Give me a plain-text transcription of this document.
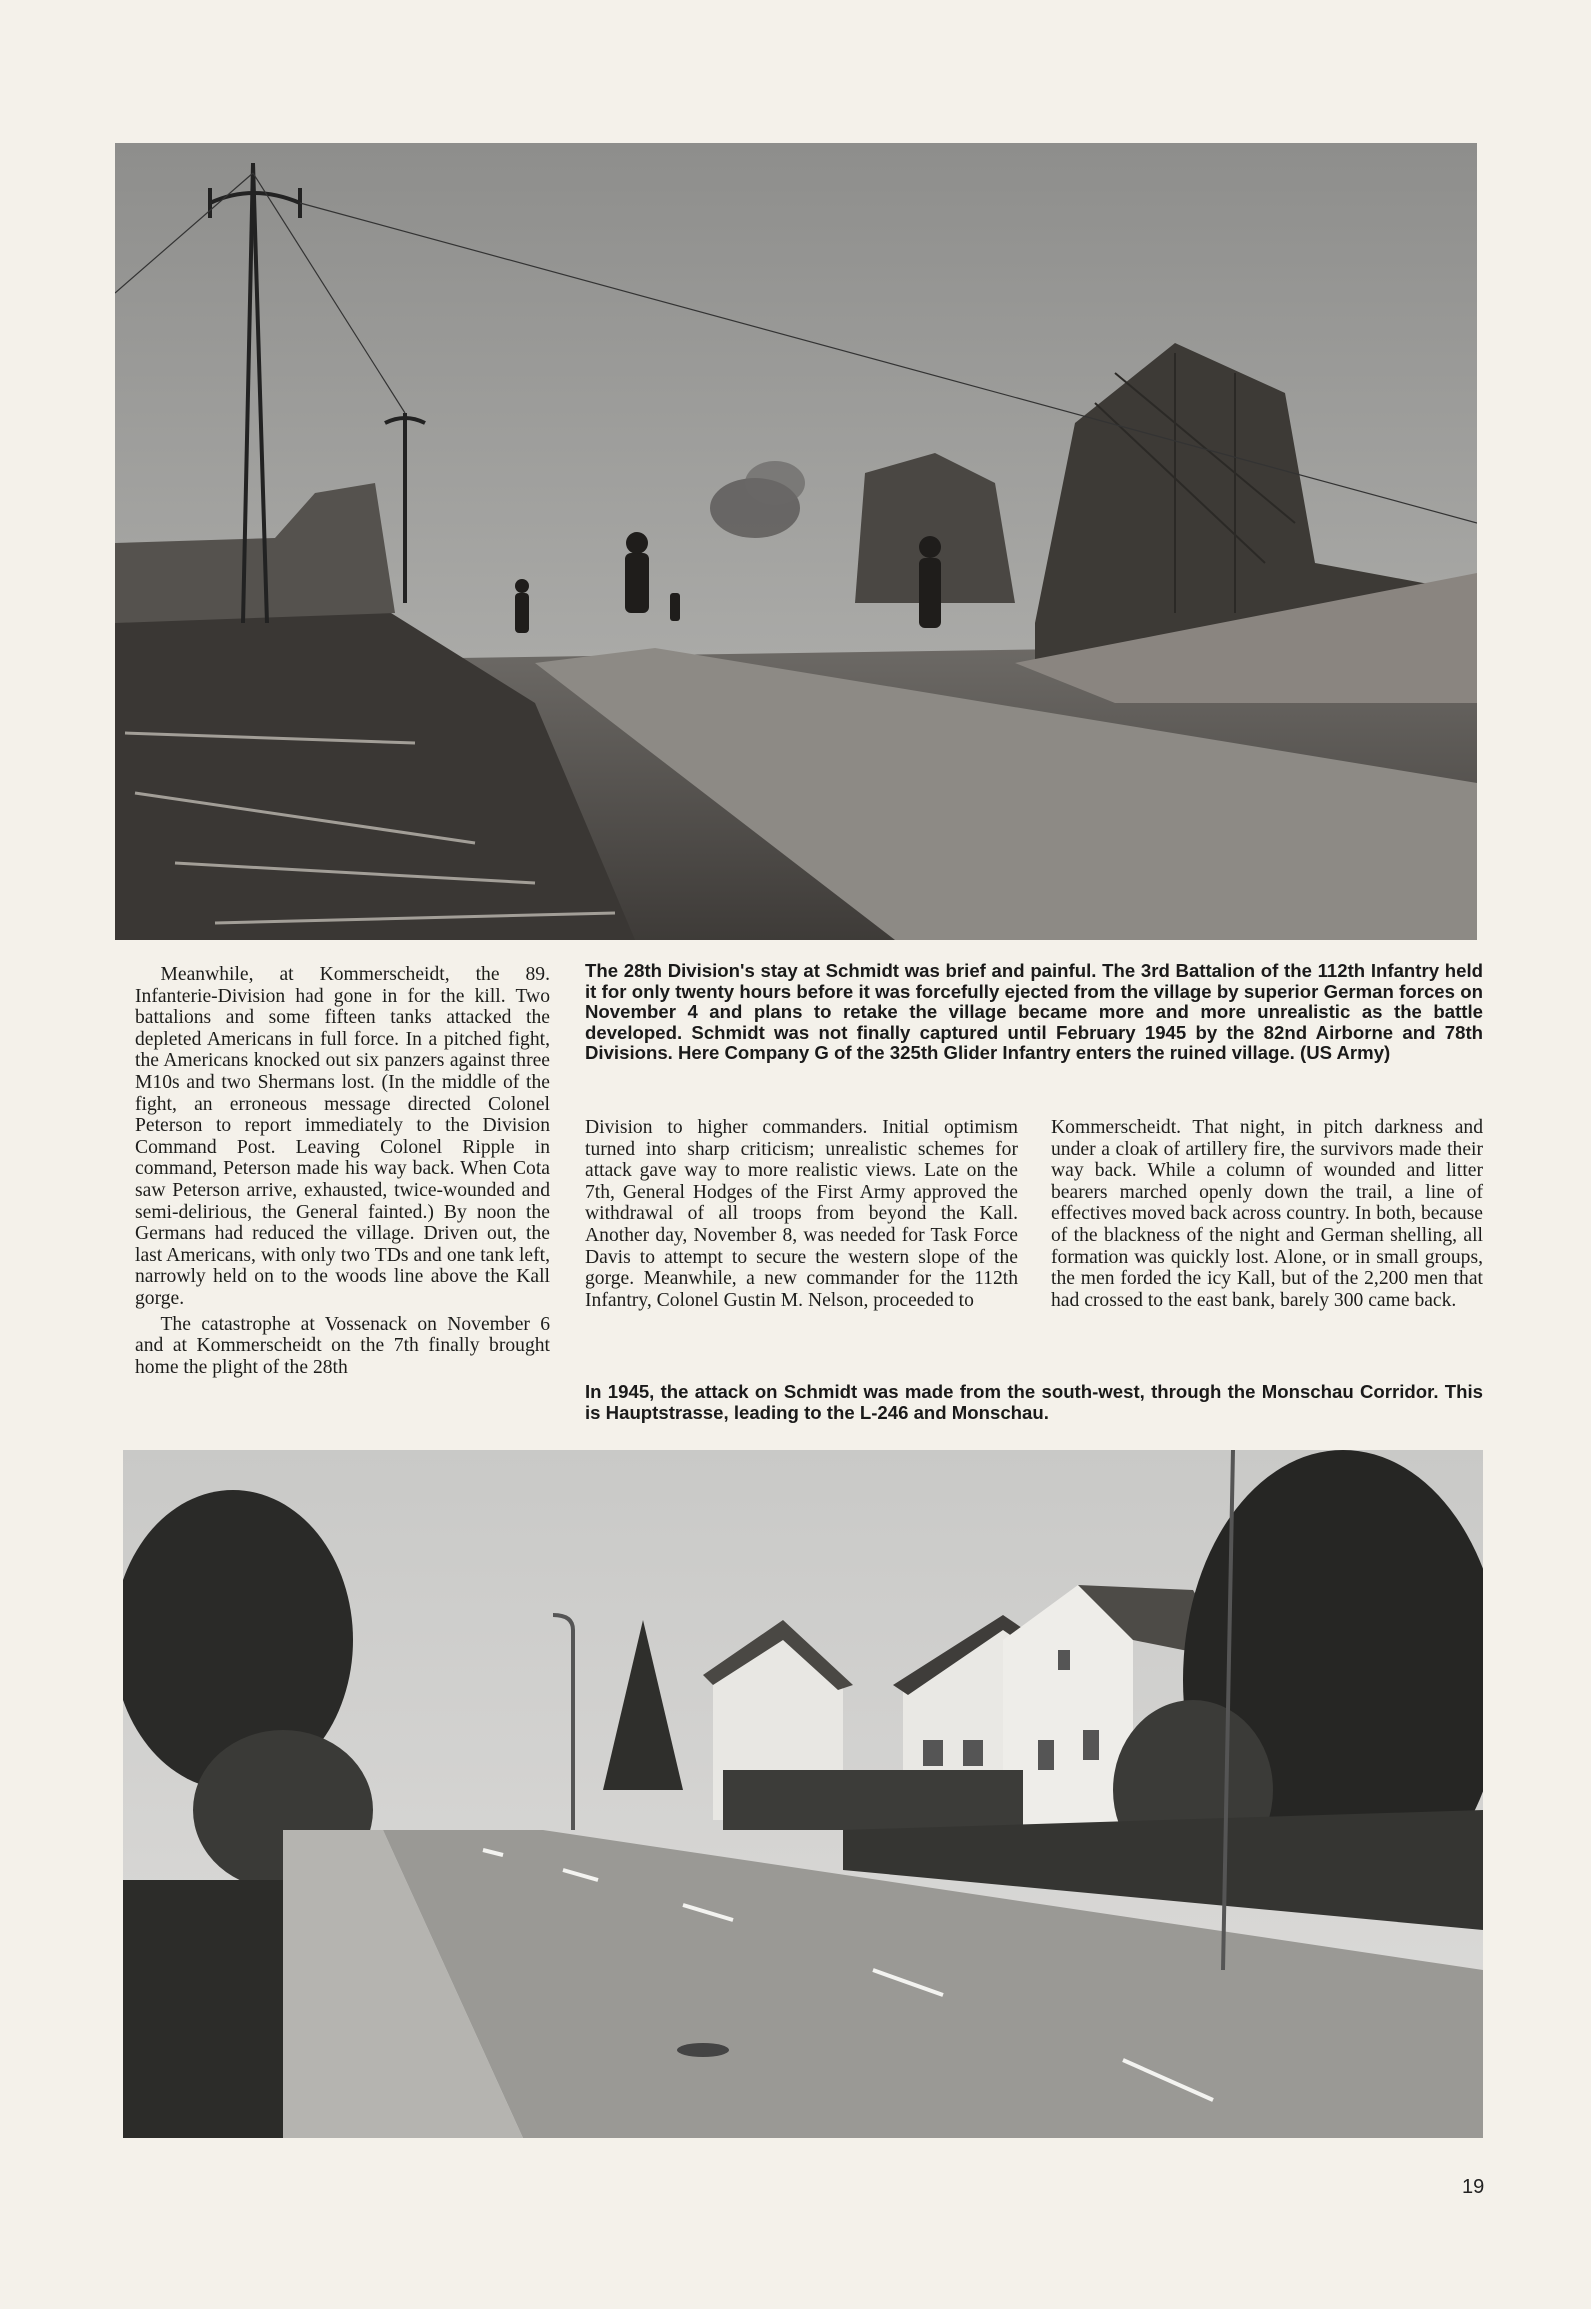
Meanwhile, at Kommerscheidt, the 89. Infanterie-Division had gone in for the kill. Two battalions and some fifteen tanks attacked the depleted Americans in full force. In a pitched fight, the Americans knocked out six panzers against three M10s and two Shermans lost. (In the middle of the fight, an erroneous message directed Colonel Peterson to report immediately to the Division Command Post. Leaving Colonel Ripple in command, Peterson made his way back. When Cota saw Peterson arrive, exhausted, twice-wounded and semi-delirious, the General fainted.) By noon the Germans had reduced the village. Driven out, the last Americans, with only two TDs and one tank left, narrowly held on to the woods line above the Kall gorge.

The catastrophe at Vossenack on November 6 and at Kommerscheidt on the 7th finally brought home the plight of the 28th

The 28th Division's stay at Schmidt was brief and painful. The 3rd Battalion of the 112th Infantry held it for only twenty hours before it was forcefully ejected from the village by superior German forces on November 4 and plans to retake the village became more and more unrealistic as the battle developed. Schmidt was not finally captured until February 1945 by the 82nd Airborne and 78th Divisions. Here Company G of the 325th Glider Infantry enters the ruined village. (US Army)

Division to higher commanders. Initial optimism turned into sharp criticism; unrealistic schemes for attack gave way to more realistic views. Late on the 7th, General Hodges of the First Army approved the withdrawal of all troops from beyond the Kall. Another day, November 8, was needed for Task Force Davis to attempt to secure the western slope of the gorge. Meanwhile, a new commander for the 112th Infantry, Colonel Gustin M. Nelson, proceeded to

Kommerscheidt. That night, in pitch darkness and under a cloak of artillery fire, the survivors made their way back. While a column of wounded and litter bearers marched openly down the trail, a line of effectives moved back across country. In both, because of the blackness of the night and German shelling, all formation was quickly lost. Alone, or in small groups, the men forded the icy Kall, but of the 2,200 men that had crossed to the east bank, barely 300 came back.

In 1945, the attack on Schmidt was made from the south-west, through the Monschau Corridor. This is Hauptstrasse, leading to the L-246 and Monschau.
19
